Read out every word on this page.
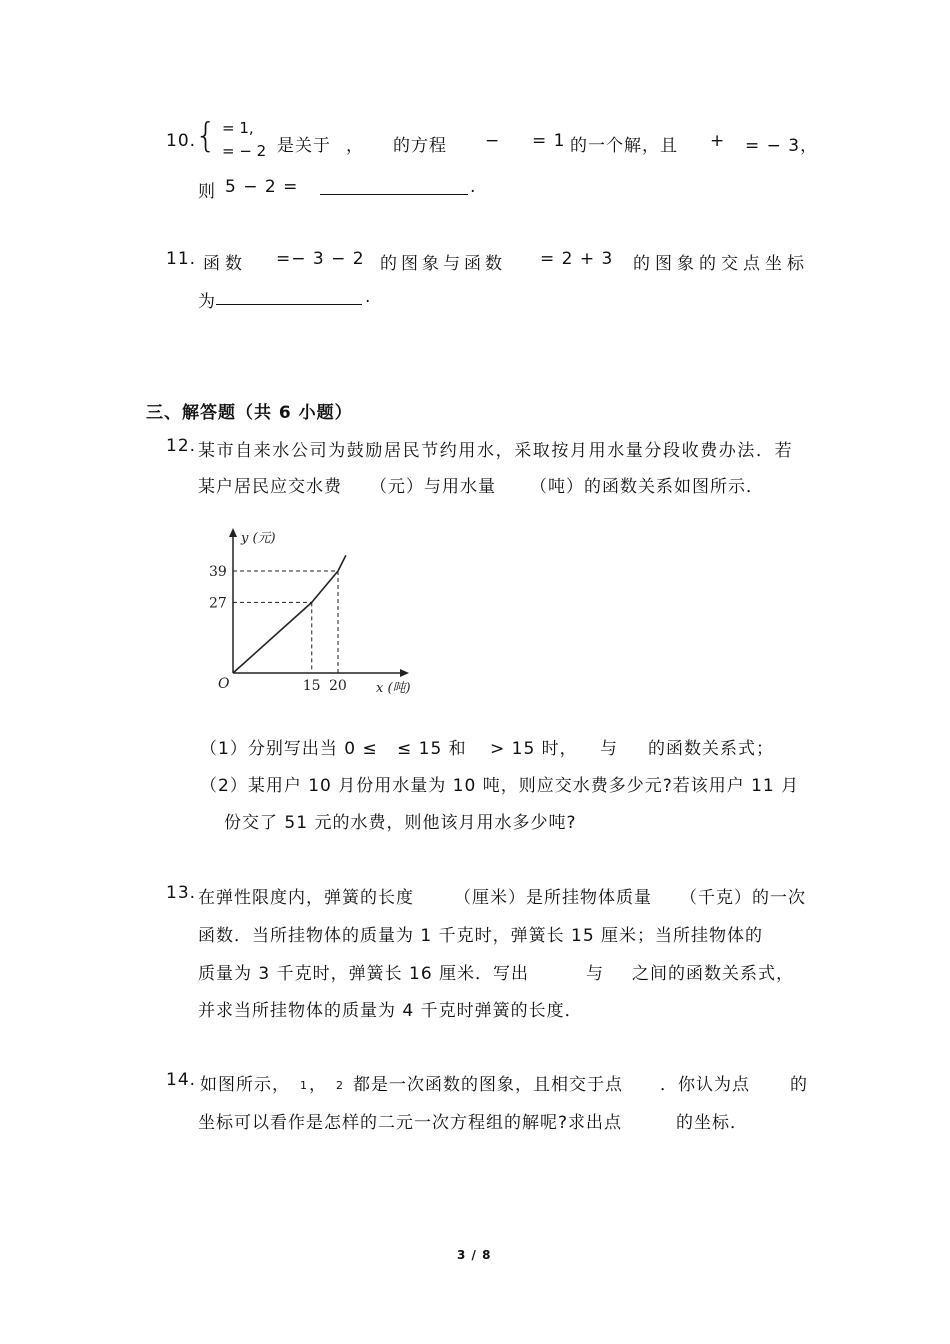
10.
{ = 1,
= − 2 是关于 ， 的方程 − = 1 的一个解，且 + = − 3，
则 5 − 2 =	.
11. 函数 =− 3 − 2 的图象与函数 = 2 + 3 的图象的交点坐标
为	.
三、解答题（共 6 小题）
12. 某市自来水公司为鼓励居民节约用水，采取按月用水量分段收费办法．若
某户居民应交水费 （元）与用水量 （吨）的函数关系如图所示．
y (元)
x (吨)
O	15 20
27
39
（1）分别写出当 0 ≤ ≤ 15 和 > 15 时， 与 的函数关系式；
（2）某用户 10 月份用水量为 10 吨，则应交水费多少元?若该用户 11 月
份交了 51 元的水费，则他该月用水多少吨?
13. 在弹性限度内，弹簧的长度 （厘米）是所挂物体质量 （千克）的一次
函数．当所挂物体的质量为 1 千克时，弹簧长 15 厘米；当所挂物体的
质量为 3 千克时，弹簧长 16 厘米．写出	与 之间的函数关系式，
并求当所挂物体的质量为 4 千克时弹簧的长度．
14. 如图所示， 1 ， 2 都是一次函数的图象，且相交于点 ．你认为点 的
坐标可以看作是怎样的二元一次方程组的解呢?求出点	的坐标．
3 / 8
